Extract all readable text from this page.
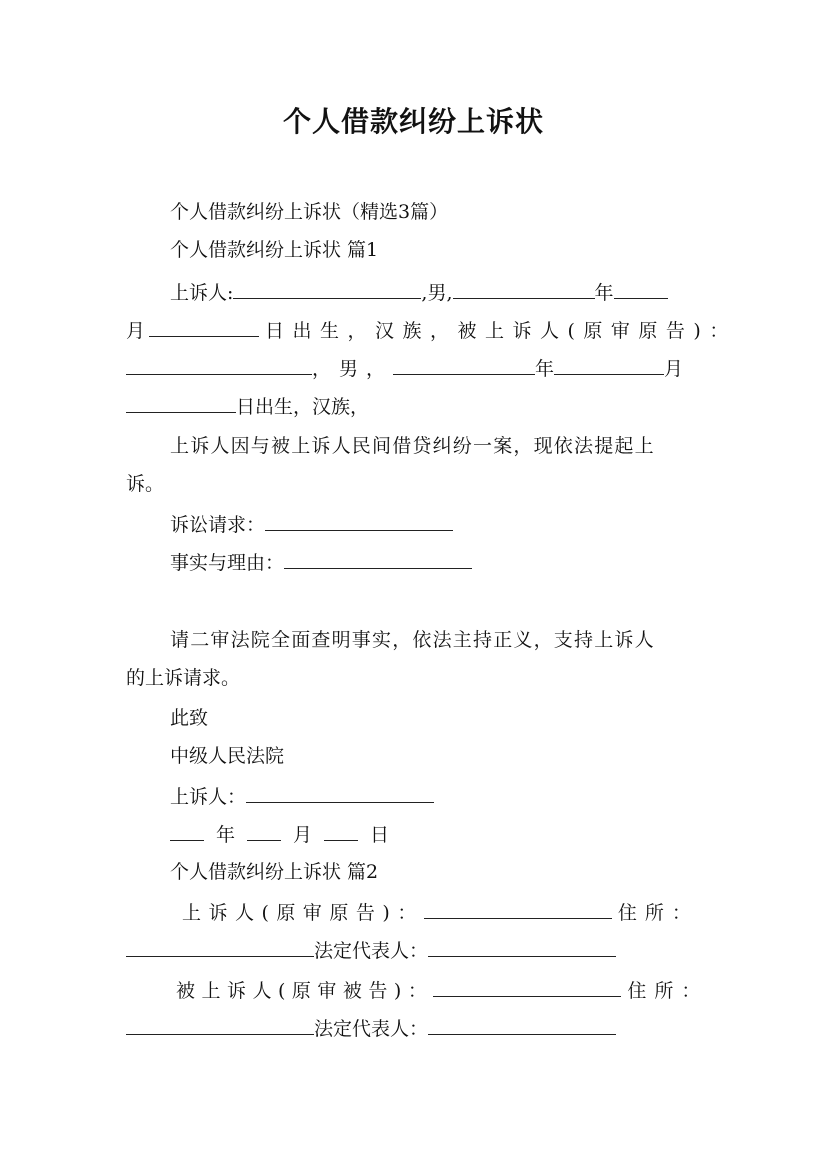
个人借款纠纷上诉状
个人借款纠纷上诉状（精选3篇）
个人借款纠纷上诉状 篇1
上诉人:	,男,	年
月	日出生，汉族，被上诉人(原审原告)：
，男，	年	月
日出生，汉族，
上诉人因与被上诉人民间借贷纠纷一案，现依法提起上
诉。
诉讼请求：
事实与理由：
请二审法院全面查明事实，依法主持正义，支持上诉人
的上诉请求。
此致
中级人民法院
上诉人：
年	月	日
个人借款纠纷上诉状 篇2
上诉人(原审原告)：	住所：
法定代表人：
被上诉人(原审被告)：	住所：
法定代表人：
